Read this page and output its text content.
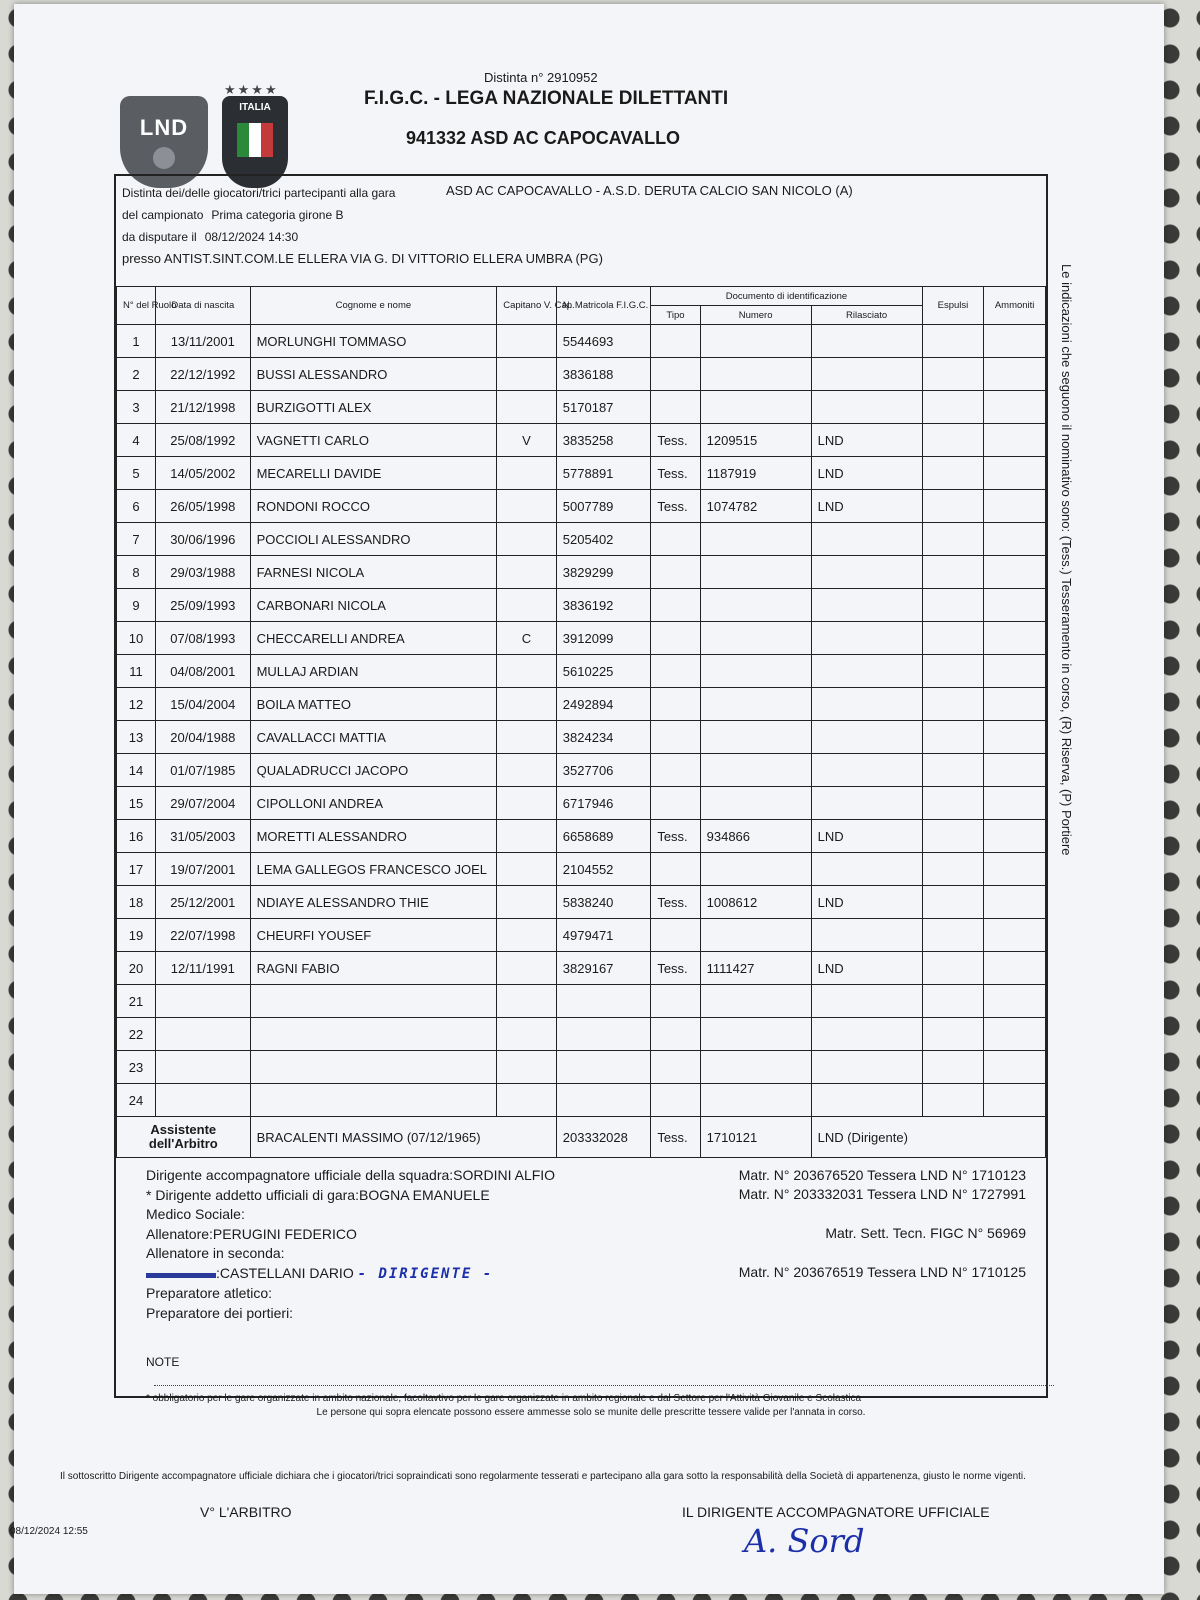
LND
★★★★
ITALIA
Distinta n° 2910952
F.I.G.C. - LEGA NAZIONALE DILETTANTI
941332 ASD AC CAPOCAVALLO
Le indicazioni che seguono il nominativo sono: (Tess.) Tesseramento in corso, (R) Riserva, (P) Portiere
Distinta dei/delle giocatori/trici partecipanti alla gara	ASD AC CAPOCAVALLO - A.S.D. DERUTA CALCIO SAN NICOLO (A)
del campionato Prima categoria girone B
da disputare il 08/12/2024 14:30
presso ANTIST.SINT.COM.LE ELLERA VIA G. DI VITTORIO ELLERA UMBRA (PG)
N° del Ruolo	Data di nascita	Cognome e nome	Capitano V. Cap.	N. Matricola F.I.G.C.	Documento di identificazione			Espulsi	Ammoniti
					Tipo	Numero	Rilasciato		
1	13/11/2001	MORLUNGHI TOMMASO		5544693					
2	22/12/1992	BUSSI ALESSANDRO		3836188					
3	21/12/1998	BURZIGOTTI ALEX		5170187					
4	25/08/1992	VAGNETTI CARLO	V	3835258	Tess.	1209515	LND		
5	14/05/2002	MECARELLI DAVIDE		5778891	Tess.	1187919	LND		
6	26/05/1998	RONDONI ROCCO		5007789	Tess.	1074782	LND		
7	30/06/1996	POCCIOLI ALESSANDRO		5205402					
8	29/03/1988	FARNESI NICOLA		3829299					
9	25/09/1993	CARBONARI NICOLA		3836192					
10	07/08/1993	CHECCARELLI ANDREA	C	3912099					
11	04/08/2001	MULLAJ ARDIAN		5610225					
12	15/04/2004	BOILA MATTEO		2492894					
13	20/04/1988	CAVALLACCI MATTIA		3824234					
14	01/07/1985	QUALADRUCCI JACOPO		3527706					
15	29/07/2004	CIPOLLONI ANDREA		6717946					
16	31/05/2003	MORETTI ALESSANDRO		6658689	Tess.	934866	LND		
17	19/07/2001	LEMA GALLEGOS FRANCESCO JOEL		2104552					
18	25/12/2001	NDIAYE ALESSANDRO THIE		5838240	Tess.	1008612	LND		
19	22/07/1998	CHEURFI YOUSEF		4979471					
20	12/11/1991	RAGNI FABIO		3829167	Tess.	1111427	LND		
21									
22									
23									
24									
Assistente dell'Arbitro		BRACALENTI MASSIMO (07/12/1965)		203332028	Tess.	1710121	LND (Dirigente)		
Dirigente accompagnatore ufficiale della squadra:SORDINI ALFIO	Matr. N° 203676520 Tessera LND N° 1710123
* Dirigente addetto ufficiali di gara:BOGNA EMANUELE	Matr. N° 203332031 Tessera LND N° 1727991
Medico Sociale:
Allenatore:PERUGINI FEDERICO	Matr. Sett. Tecn. FIGC N° 56969
Allenatore in seconda:
▬▬▬▬▬:CASTELLANI DARIO - DIRIGENTE -	Matr. N° 203676519 Tessera LND N° 1710125
Preparatore atletico:
Preparatore dei portieri:
NOTE
* obbligatorio per le gare organizzate in ambito nazionale, facoltavtivo per le gare organizzate in ambito regionale e dal Settore per l'Attività Giovanile e Scolastica
Le persone qui sopra elencate possono essere ammesse solo se munite delle prescritte tessere valide per l'annata in corso.
Il sottoscritto Dirigente accompagnatore ufficiale dichiara che i giocatori/trici sopraindicati sono regolarmente tesserati e partecipano alla gara sotto la responsabilità della Società di appartenenza, giusto le norme vigenti.
V° L'ARBITRO	IL DIRIGENTE ACCOMPAGNATORE UFFICIALE
A. Sord
08/12/2024 12:55
